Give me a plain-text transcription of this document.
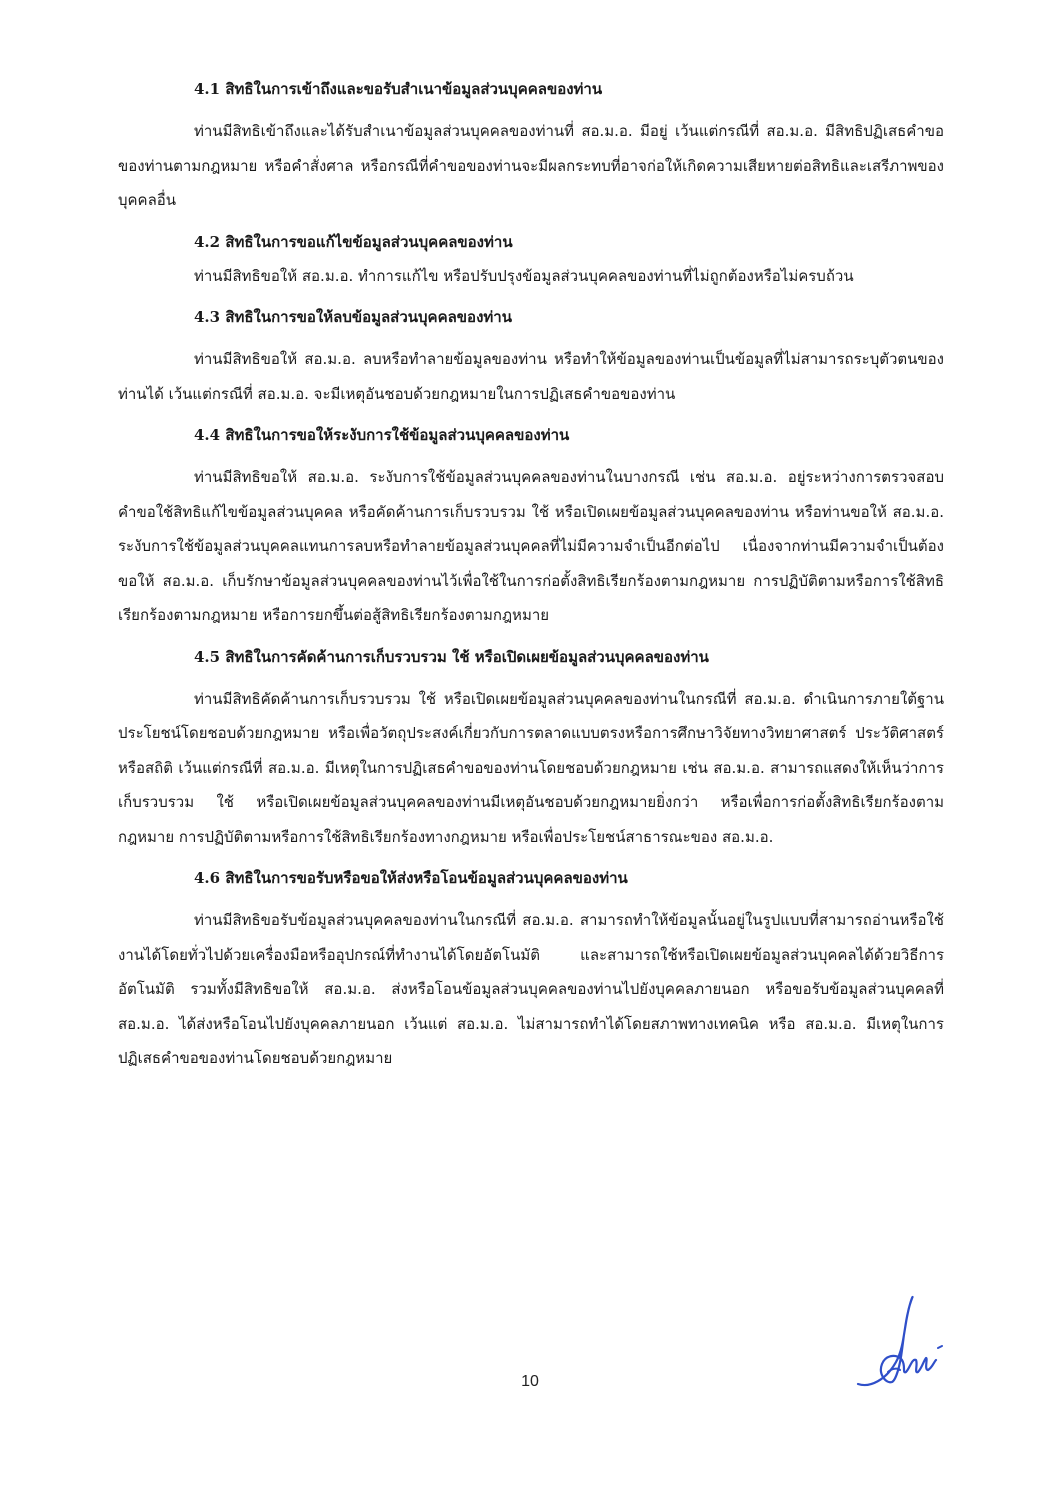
4.1 สิทธิในการเข้าถึงและขอรับสำเนาข้อมูลส่วนบุคคลของท่าน

ท่านมีสิทธิเข้าถึงและได้รับสำเนาข้อมูลส่วนบุคคลของท่านที่ สอ.ม.อ. มีอยู่ เว้นแต่กรณีที่ สอ.ม.อ. มีสิทธิปฏิเสธคำขอของท่านตามกฎหมาย หรือคำสั่งศาล หรือกรณีที่คำขอของท่านจะมีผลกระทบที่อาจก่อให้เกิดความเสียหายต่อสิทธิและเสรีภาพของบุคคลอื่น

4.2 สิทธิในการขอแก้ไขข้อมูลส่วนบุคคลของท่าน

ท่านมีสิทธิขอให้ สอ.ม.อ. ทำการแก้ไข หรือปรับปรุงข้อมูลส่วนบุคคลของท่านที่ไม่ถูกต้องหรือไม่ครบถ้วน

4.3 สิทธิในการขอให้ลบข้อมูลส่วนบุคคลของท่าน

ท่านมีสิทธิขอให้ สอ.ม.อ. ลบหรือทำลายข้อมูลของท่าน หรือทำให้ข้อมูลของท่านเป็นข้อมูลที่ไม่สามารถระบุตัวตนของท่านได้ เว้นแต่กรณีที่ สอ.ม.อ. จะมีเหตุอันชอบด้วยกฎหมายในการปฏิเสธคำขอของท่าน

4.4 สิทธิในการขอให้ระงับการใช้ข้อมูลส่วนบุคคลของท่าน

ท่านมีสิทธิขอให้ สอ.ม.อ. ระงับการใช้ข้อมูลส่วนบุคคลของท่านในบางกรณี เช่น สอ.ม.อ. อยู่ระหว่างการตรวจสอบคำขอใช้สิทธิแก้ไขข้อมูลส่วนบุคคล หรือคัดค้านการเก็บรวบรวม ใช้ หรือเปิดเผยข้อมูลส่วนบุคคลของท่าน หรือท่านขอให้ สอ.ม.อ. ระงับการใช้ข้อมูลส่วนบุคคลแทนการลบหรือทำลายข้อมูลส่วนบุคคลที่ไม่มีความจำเป็นอีกต่อไป เนื่องจากท่านมีความจำเป็นต้องขอให้ สอ.ม.อ. เก็บรักษาข้อมูลส่วนบุคคลของท่านไว้เพื่อใช้ในการก่อตั้งสิทธิเรียกร้องตามกฎหมาย การปฏิบัติตามหรือการใช้สิทธิเรียกร้องตามกฎหมาย หรือการยกขึ้นต่อสู้สิทธิเรียกร้องตามกฎหมาย

4.5 สิทธิในการคัดค้านการเก็บรวบรวม ใช้ หรือเปิดเผยข้อมูลส่วนบุคคลของท่าน

ท่านมีสิทธิคัดค้านการเก็บรวบรวม ใช้ หรือเปิดเผยข้อมูลส่วนบุคคลของท่านในกรณีที่ สอ.ม.อ. ดำเนินการภายใต้ฐานประโยชน์โดยชอบด้วยกฎหมาย หรือเพื่อวัตถุประสงค์เกี่ยวกับการตลาดแบบตรงหรือการศึกษาวิจัยทางวิทยาศาสตร์ ประวัติศาสตร์ หรือสถิติ เว้นแต่กรณีที่ สอ.ม.อ. มีเหตุในการปฏิเสธคำขอของท่านโดยชอบด้วยกฎหมาย เช่น สอ.ม.อ. สามารถแสดงให้เห็นว่าการเก็บรวบรวม ใช้ หรือเปิดเผยข้อมูลส่วนบุคคลของท่านมีเหตุอันชอบด้วยกฎหมายยิ่งกว่า หรือเพื่อการก่อตั้งสิทธิเรียกร้องตามกฎหมาย การปฏิบัติตามหรือการใช้สิทธิเรียกร้องทางกฎหมาย หรือเพื่อประโยชน์สาธารณะของ สอ.ม.อ.

4.6 สิทธิในการขอรับหรือขอให้ส่งหรือโอนข้อมูลส่วนบุคคลของท่าน

ท่านมีสิทธิขอรับข้อมูลส่วนบุคคลของท่านในกรณีที่ สอ.ม.อ. สามารถทำให้ข้อมูลนั้นอยู่ในรูปแบบที่สามารถอ่านหรือใช้งานได้โดยทั่วไปด้วยเครื่องมือหรืออุปกรณ์ที่ทำงานได้โดยอัตโนมัติ และสามารถใช้หรือเปิดเผยข้อมูลส่วนบุคคลได้ด้วยวิธีการอัตโนมัติ รวมทั้งมีสิทธิขอให้ สอ.ม.อ. ส่งหรือโอนข้อมูลส่วนบุคคลของท่านไปยังบุคคลภายนอก หรือขอรับข้อมูลส่วนบุคคลที่ สอ.ม.อ. ได้ส่งหรือโอนไปยังบุคคลภายนอก เว้นแต่ สอ.ม.อ. ไม่สามารถทำได้โดยสภาพทางเทคนิค หรือ สอ.ม.อ. มีเหตุในการปฏิเสธคำขอของท่านโดยชอบด้วยกฎหมาย

10
